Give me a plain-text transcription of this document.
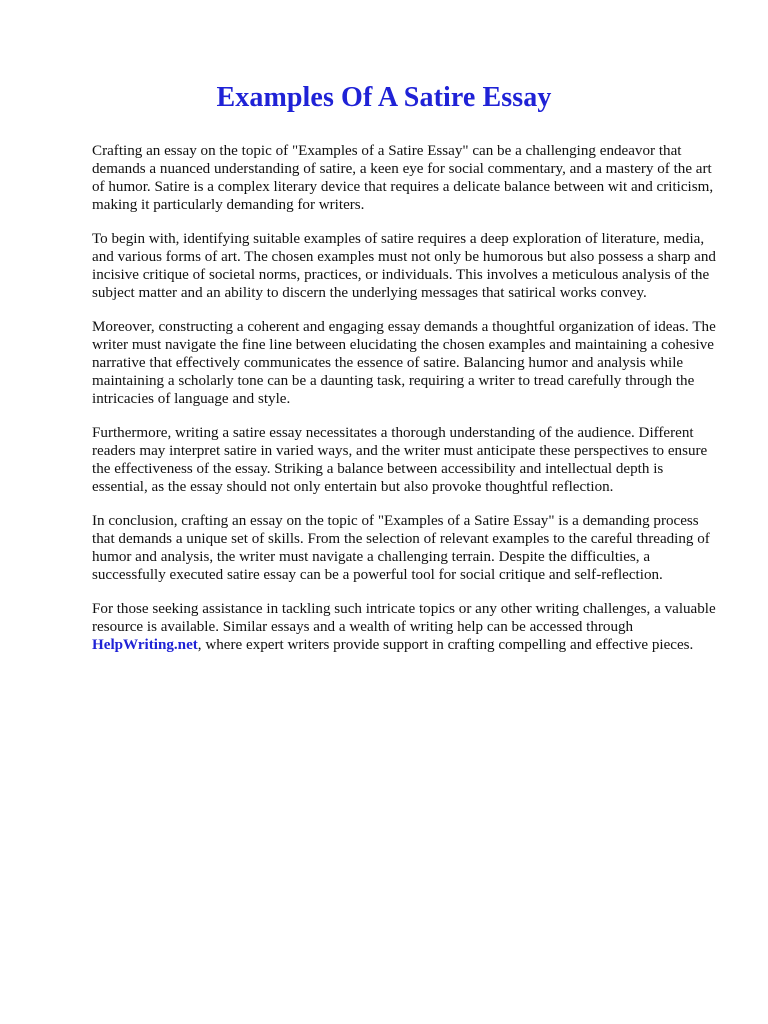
Examples Of A Satire Essay

Crafting an essay on the topic of "Examples of a Satire Essay" can be a challenging endeavor that demands a nuanced understanding of satire, a keen eye for social commentary, and a mastery of the art of humor. Satire is a complex literary device that requires a delicate balance between wit and criticism, making it particularly demanding for writers.

To begin with, identifying suitable examples of satire requires a deep exploration of literature, media, and various forms of art. The chosen examples must not only be humorous but also possess a sharp and incisive critique of societal norms, practices, or individuals. This involves a meticulous analysis of the subject matter and an ability to discern the underlying messages that satirical works convey.

Moreover, constructing a coherent and engaging essay demands a thoughtful organization of ideas. The writer must navigate the fine line between elucidating the chosen examples and maintaining a cohesive narrative that effectively communicates the essence of satire. Balancing humor and analysis while maintaining a scholarly tone can be a daunting task, requiring a writer to tread carefully through the intricacies of language and style.

Furthermore, writing a satire essay necessitates a thorough understanding of the audience. Different readers may interpret satire in varied ways, and the writer must anticipate these perspectives to ensure the effectiveness of the essay. Striking a balance between accessibility and intellectual depth is essential, as the essay should not only entertain but also provoke thoughtful reflection.

In conclusion, crafting an essay on the topic of "Examples of a Satire Essay" is a demanding process that demands a unique set of skills. From the selection of relevant examples to the careful threading of humor and analysis, the writer must navigate a challenging terrain. Despite the difficulties, a successfully executed satire essay can be a powerful tool for social critique and self-reflection.

For those seeking assistance in tackling such intricate topics or any other writing challenges, a valuable resource is available. Similar essays and a wealth of writing help can be accessed through HelpWriting.net, where expert writers provide support in crafting compelling and effective pieces.
